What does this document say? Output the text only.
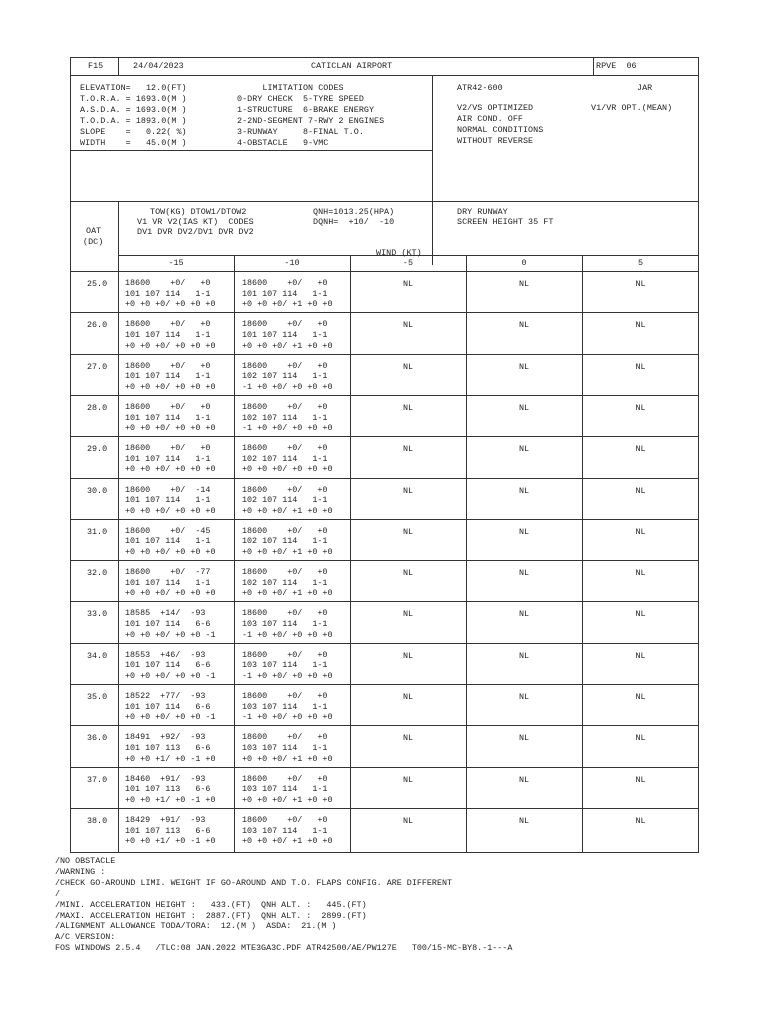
F15	24/04/2023	CATICLAN AIRPORT	RPVE  06
ELEVATION=   12.0(FT)
T.O.R.A. = 1693.0(M )
A.S.D.A. = 1693.0(M )
T.O.D.A. = 1893.0(M )
SLOPE    =   0.22( %)
WIDTH    =   45.0(M )
LIMITATION CODES
0-DRY CHECK  5-TYRE SPEED
1-STRUCTURE  6-BRAKE ENERGY
2-2ND-SEGMENT 7-RWY 2 ENGINES
3-RUNWAY     8-FINAL T.O.
4-OBSTACLE   9-VMC
ATR42-600	JAR
V2/VS OPTIMIZED	V1/VR OPT.(MEAN)
AIR COND. OFF
NORMAL CONDITIONS
WITHOUT REVERSE
TOW(KG) DTOW1/DTOW2
V1 VR V2(IAS KT)  CODES
DV1 DVR DV2/DV1 DVR DV2
QNH=1013.25(HPA)
DQNH=  +10/  -10
DRY RUNWAY
SCREEN HEIGHT 35 FT
OAT
(DC)
WIND (KT)
-15	-10	-5	0	5
25.0 18600    +0/   +0
101 107 114   1-1
+0 +0 +0/ +0 +0 +0
18600    +0/   +0
101 107 114   1-1
+0 +0 +0/ +1 +0 +0
NL	NL	NL
26.0 18600    +0/   +0
101 107 114   1-1
+0 +0 +0/ +0 +0 +0
18600    +0/   +0
101 107 114   1-1
+0 +0 +0/ +1 +0 +0
NL	NL	NL
27.0 18600    +0/   +0
101 107 114   1-1
+0 +0 +0/ +0 +0 +0
18600    +0/   +0
102 107 114   1-1
-1 +0 +0/ +0 +0 +0
NL	NL	NL
28.0 18600    +0/   +0
101 107 114   1-1
+0 +0 +0/ +0 +0 +0
18600    +0/   +0
102 107 114   1-1
-1 +0 +0/ +0 +0 +0
NL	NL	NL
29.0 18600    +0/   +0
101 107 114   1-1
+0 +0 +0/ +0 +0 +0
18600    +0/   +0
102 107 114   1-1
+0 +0 +0/ +0 +0 +0
NL	NL	NL
30.0 18600    +0/  -14
101 107 114   1-1
+0 +0 +0/ +0 +0 +0
18600    +0/   +0
102 107 114   1-1
+0 +0 +0/ +1 +0 +0
NL	NL	NL
31.0 18600    +0/  -45
101 107 114   1-1
+0 +0 +0/ +0 +0 +0
18600    +0/   +0
102 107 114   1-1
+0 +0 +0/ +1 +0 +0
NL	NL	NL
32.0 18600    +0/  -77
101 107 114   1-1
+0 +0 +0/ +0 +0 +0
18600    +0/   +0
102 107 114   1-1
+0 +0 +0/ +1 +0 +0
NL	NL	NL
33.0 18585  +14/  -93
101 107 114   6-6
+0 +0 +0/ +0 +0 -1
18600    +0/   +0
103 107 114   1-1
-1 +0 +0/ +0 +0 +0
NL	NL	NL
34.0 18553  +46/  -93
101 107 114   6-6
+0 +0 +0/ +0 +0 -1
18600    +0/   +0
103 107 114   1-1
-1 +0 +0/ +0 +0 +0
NL	NL	NL
35.0 18522  +77/  -93
101 107 114   6-6
+0 +0 +0/ +0 +0 -1
18600    +0/   +0
103 107 114   1-1
-1 +0 +0/ +0 +0 +0
NL	NL	NL
36.0 18491  +92/  -93
101 107 113   6-6
+0 +0 +1/ +0 -1 +0
18600    +0/   +0
103 107 114   1-1
+0 +0 +0/ +1 +0 +0
NL	NL	NL
37.0 18460  +91/  -93
101 107 113   6-6
+0 +0 +1/ +0 -1 +0
18600    +0/   +0
103 107 114   1-1
+0 +0 +0/ +1 +0 +0
NL	NL	NL
38.0 18429  +91/  -93
101 107 113   6-6
+0 +0 +1/ +0 -1 +0
18600    +0/   +0
103 107 114   1-1
+0 +0 +0/ +1 +0 +0
NL	NL	NL
/NO OBSTACLE
/WARNING :
/CHECK GO-AROUND LIMI. WEIGHT IF GO-AROUND AND T.O. FLAPS CONFIG. ARE DIFFERENT
/
/MINI. ACCELERATION HEIGHT :   433.(FT)  QNH ALT. :   445.(FT)
/MAXI. ACCELERATION HEIGHT :  2887.(FT)  QNH ALT. :  2899.(FT)
/ALIGNMENT ALLOWANCE TODA/TORA:  12.(M )  ASDA:  21.(M )
A/C VERSION:
FOS WINDOWS 2.5.4   /TLC:08 JAN.2022 MTE3GA3C.PDF ATR42500/AE/PW127E   T00/15-MC-BY8.-1---A
